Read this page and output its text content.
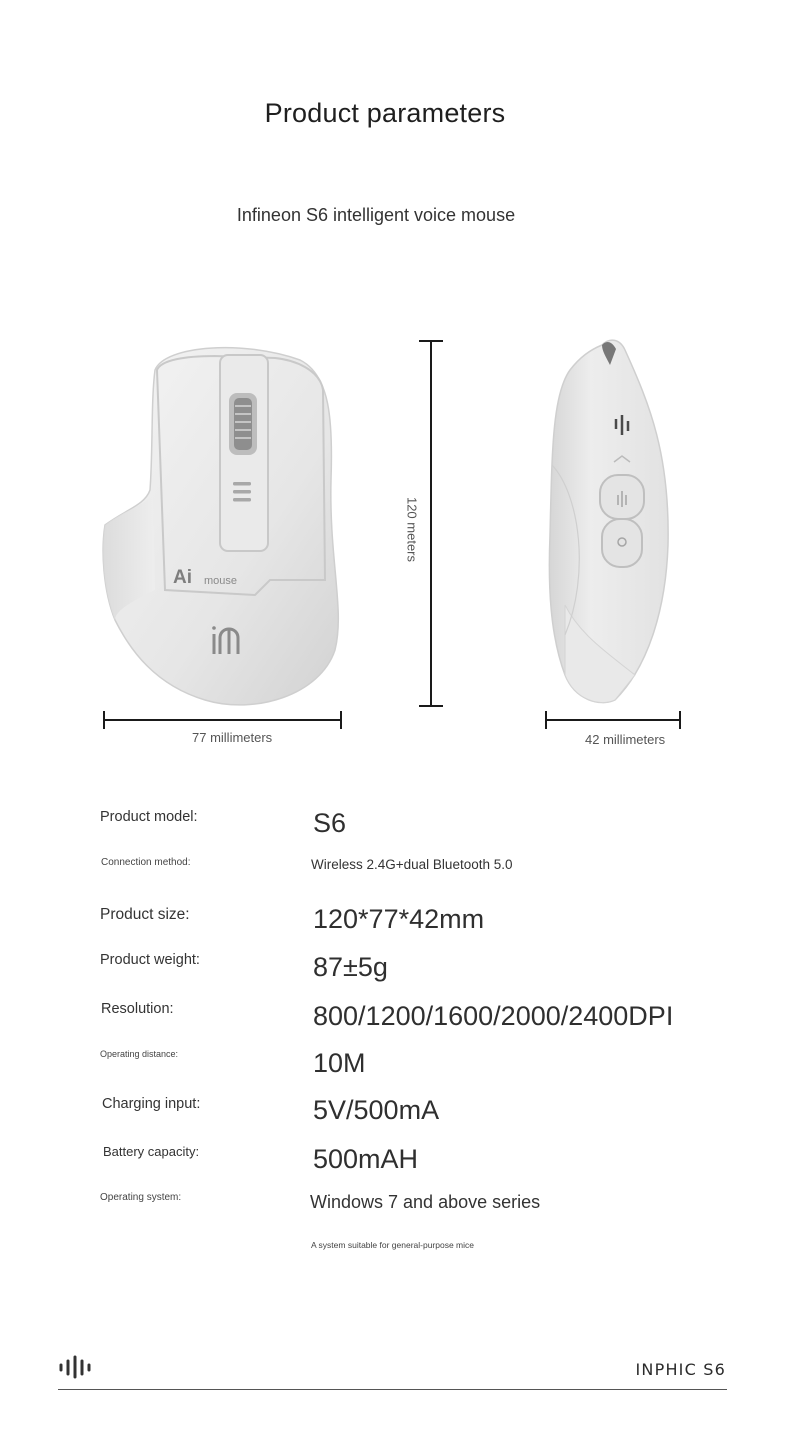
Product parameters
Infineon S6 intelligent voice mouse
Ai mouse
77 millimeters
120 meters
42 millimeters
Product model:	S6
Connection method:	Wireless 2.4G+dual Bluetooth 5.0
Product size:	120*77*42mm
Product weight:	87±5g
Resolution:	800/1200/1600/2000/2400DPI
Operating distance:	10M
Charging input:	5V/500mA
Battery capacity:	500mAH
Operating system:	Windows 7 and above series
A system suitable for general-purpose mice
INPHIC S6
